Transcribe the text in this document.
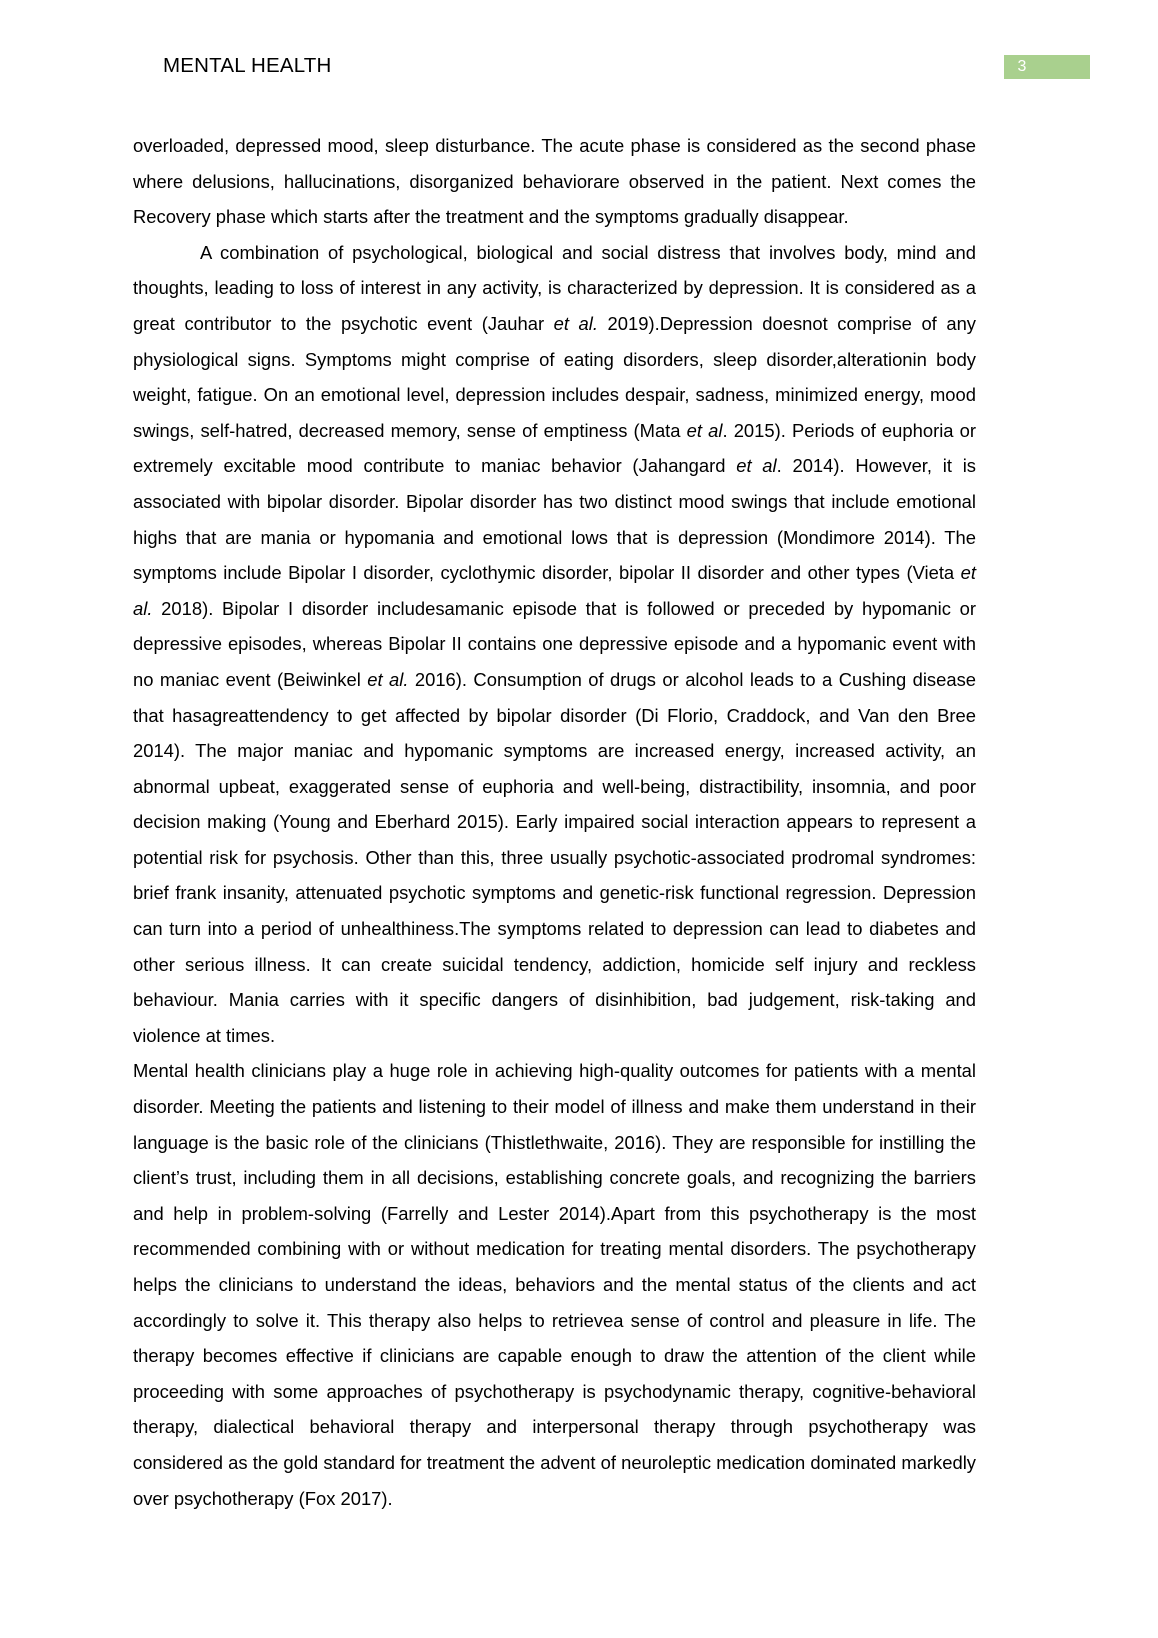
MENTAL HEALTH	3

overloaded, depressed mood, sleep disturbance. The acute phase is considered as the second phase where delusions, hallucinations, disorganized behaviorare observed in the patient. Next comes the Recovery phase which starts after the treatment and the symptoms gradually disappear.

A combination of psychological, biological and social distress that involves body, mind and thoughts, leading to loss of interest in any activity, is characterized by depression. It is considered as a great contributor to the psychotic event (Jauhar et al. 2019).Depression doesnot comprise of any physiological signs. Symptoms might comprise of eating disorders, sleep disorder,alterationin body weight, fatigue. On an emotional level, depression includes despair, sadness, minimized energy, mood swings, self-hatred, decreased memory, sense of emptiness (Mata et al. 2015). Periods of euphoria or extremely excitable mood contribute to maniac behavior (Jahangard et al. 2014). However, it is associated with bipolar disorder. Bipolar disorder has two distinct mood swings that include emotional highs that are mania or hypomania and emotional lows that is depression (Mondimore 2014). The symptoms include Bipolar I disorder, cyclothymic disorder, bipolar II disorder and other types (Vieta et al. 2018). Bipolar I disorder includesamanic episode that is followed or preceded by hypomanic or depressive episodes, whereas Bipolar II contains one depressive episode and a hypomanic event with no maniac event (Beiwinkel et al. 2016). Consumption of drugs or alcohol leads to a Cushing disease that hasagreattendency to get affected by bipolar disorder (Di Florio, Craddock, and Van den Bree 2014). The major maniac and hypomanic symptoms are increased energy, increased activity, an abnormal upbeat, exaggerated sense of euphoria and well-being, distractibility, insomnia, and poor decision making (Young and Eberhard 2015). Early impaired social interaction appears to represent a potential risk for psychosis. Other than this, three usually psychotic-associated prodromal syndromes: brief frank insanity, attenuated psychotic symptoms and genetic-risk functional regression. Depression can turn into a period of unhealthiness.The symptoms related to depression can lead to diabetes and other serious illness. It can create suicidal tendency, addiction, homicide self injury and reckless behaviour. Mania carries with it specific dangers of disinhibition, bad judgement, risk-taking and violence at times.

Mental health clinicians play a huge role in achieving high-quality outcomes for patients with a mental disorder. Meeting the patients and listening to their model of illness and make them understand in their language is the basic role of the clinicians (Thistlethwaite, 2016). They are responsible for instilling the client’s trust, including them in all decisions, establishing concrete goals, and recognizing the barriers and help in problem-solving (Farrelly and Lester 2014).Apart from this psychotherapy is the most recommended combining with or without medication for treating mental disorders. The psychotherapy helps the clinicians to understand the ideas, behaviors and the mental status of the clients and act accordingly to solve it. This therapy also helps to retrievea sense of control and pleasure in life. The therapy becomes effective if clinicians are capable enough to draw the attention of the client while proceeding with some approaches of psychotherapy is psychodynamic therapy, cognitive-behavioral therapy, dialectical behavioral therapy and interpersonal therapy through psychotherapy was considered as the gold standard for treatment the advent of neuroleptic medication dominated markedly over psychotherapy (Fox 2017).
